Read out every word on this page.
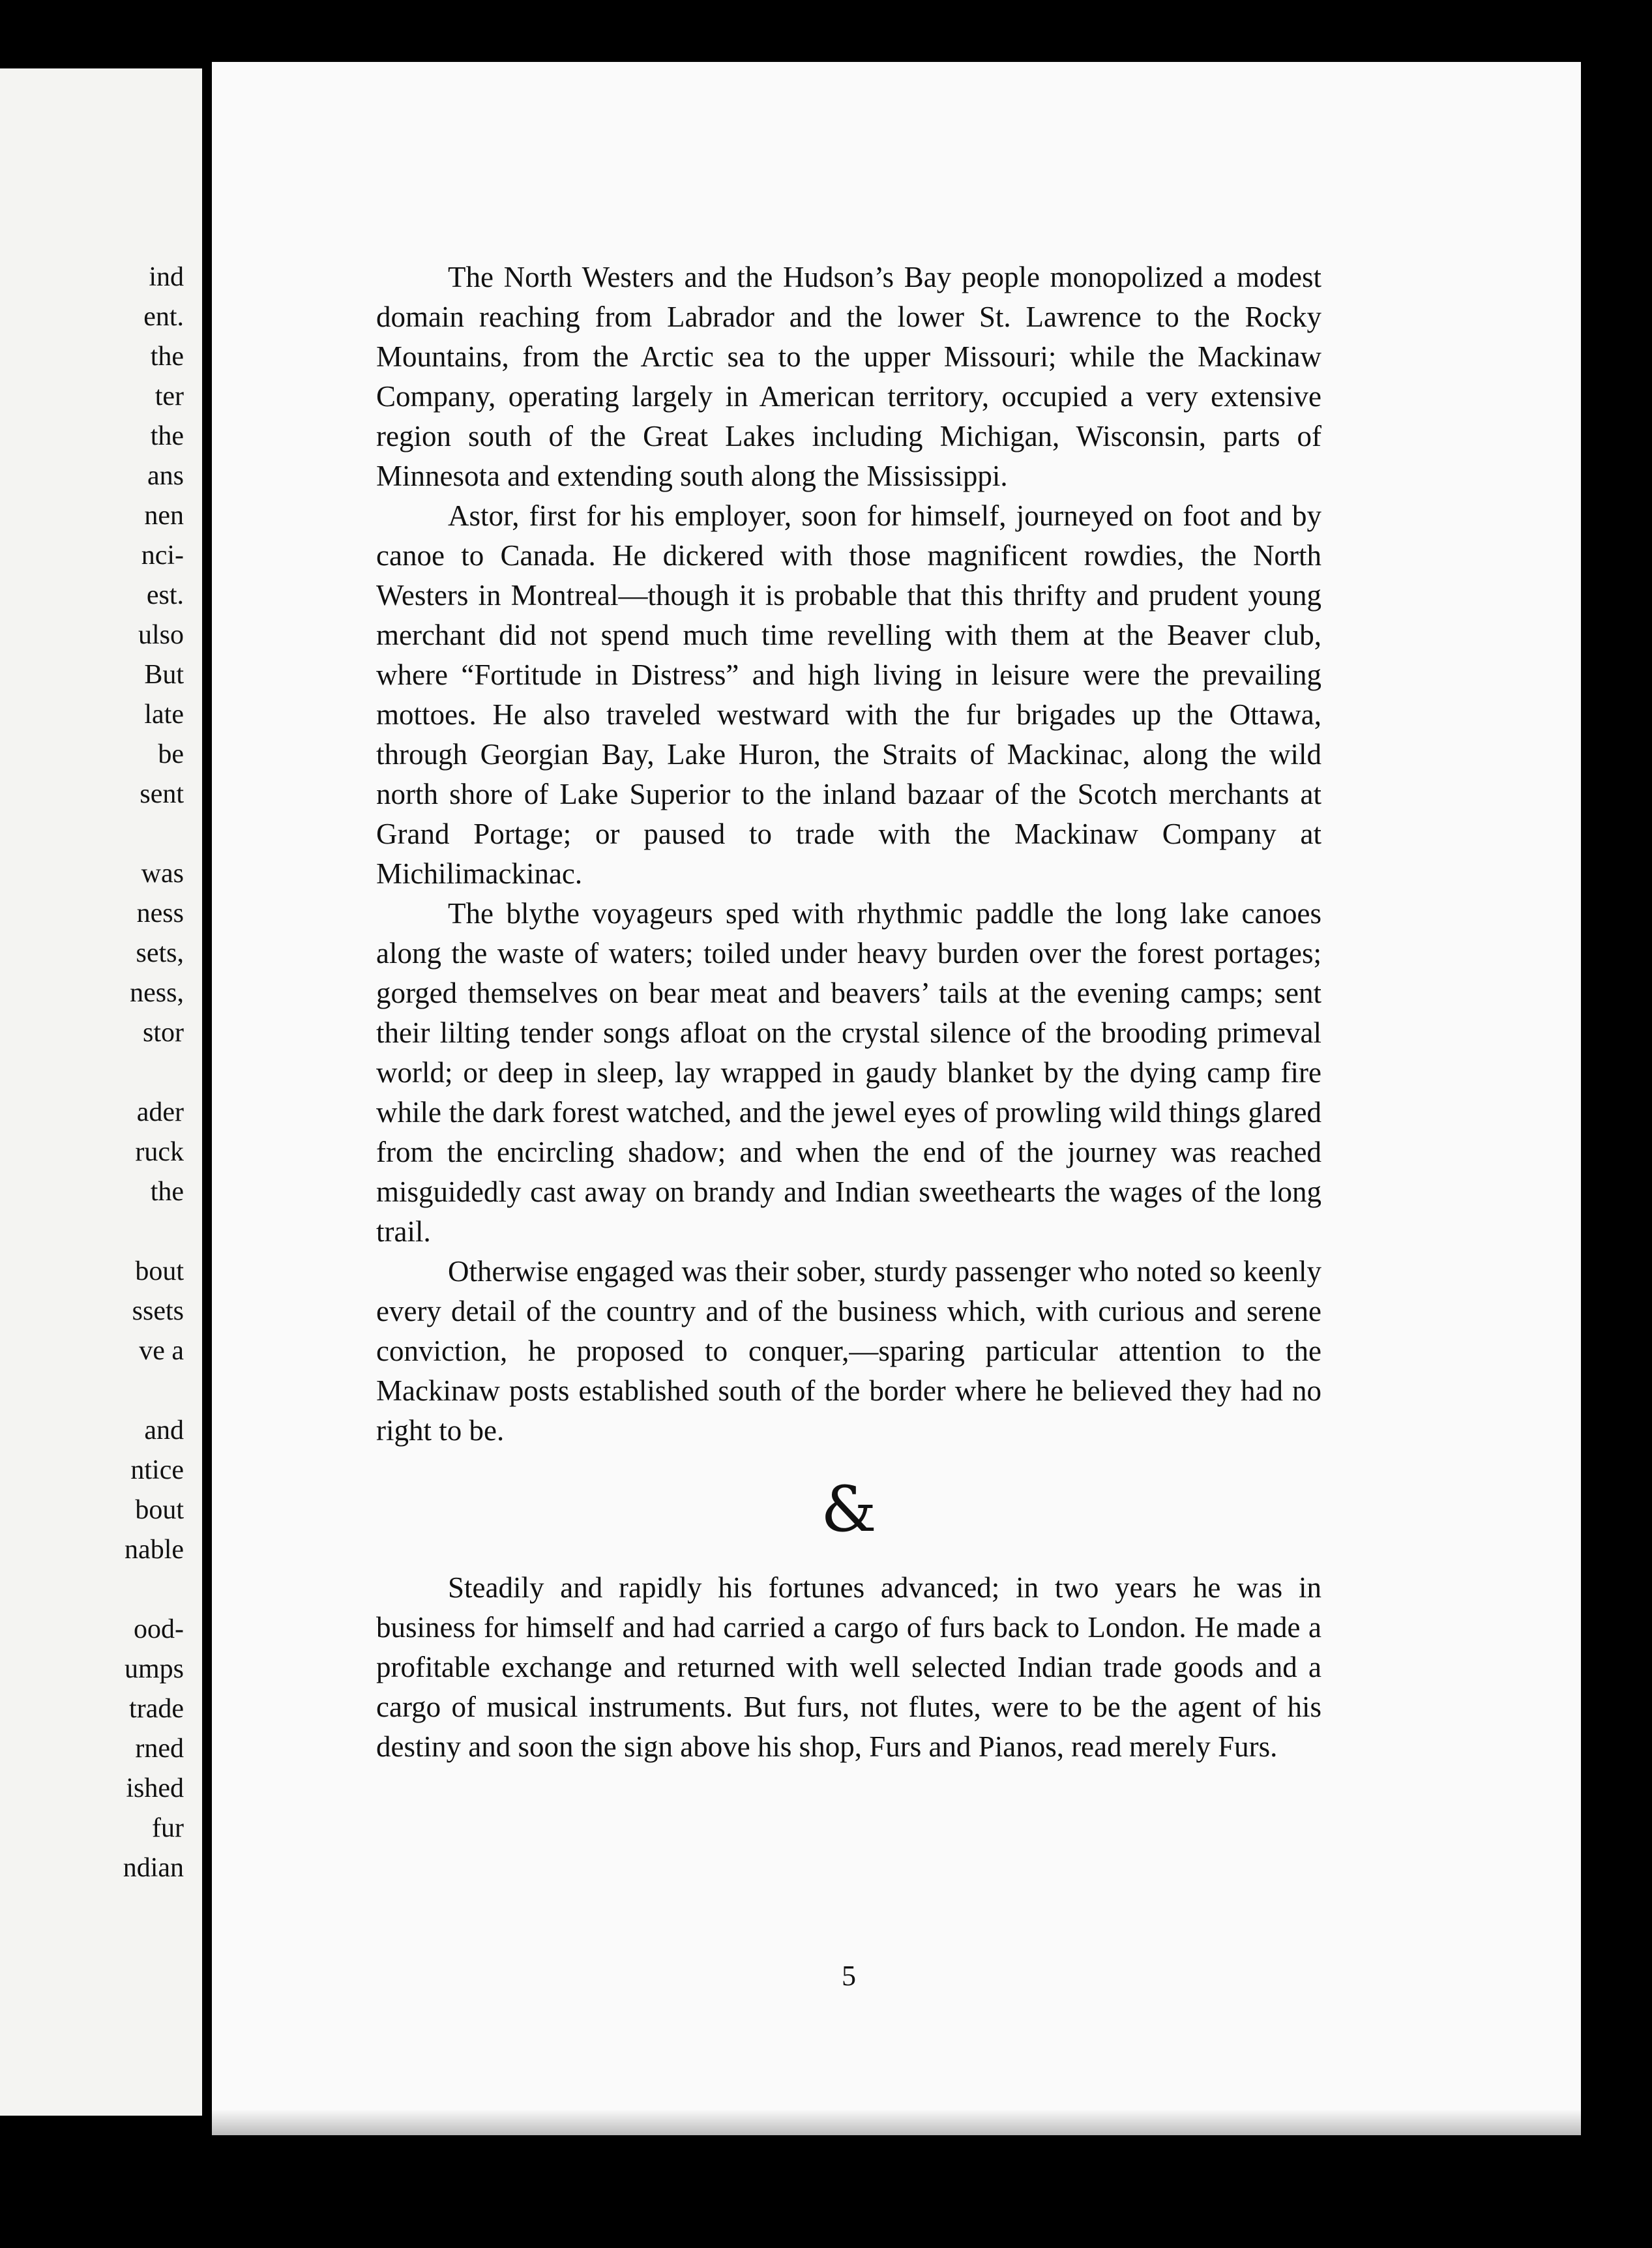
ind
ent.
the
ter
the
ans
nen
nci-
est.
ulso
But
late
be
sent
was
ness
sets,
ness,
stor
ader
ruck
the
bout
ssets
ve a
and
ntice
bout
nable
ood-
umps
trade
rned
ished
fur
ndian

The North Westers and the Hudson’s Bay people monopolized a modest domain reaching from Labrador and the lower St. Lawrence to the Rocky Mountains, from the Arctic sea to the upper Missouri; while the Mackinaw Company, operating largely in American territory, occupied a very extensive region south of the Great Lakes including Michigan, Wisconsin, parts of Minnesota and extending south along the Mississippi.

Astor, first for his employer, soon for himself, journeyed on foot and by canoe to Canada. He dickered with those magnificent rowdies, the North Westers in Montreal—though it is probable that this thrifty and prudent young merchant did not spend much time revelling with them at the Beaver club, where “Fortitude in Distress” and high living in leisure were the prevailing mottoes. He also traveled westward with the fur brigades up the Ottawa, through Georgian Bay, Lake Huron, the Straits of Mackinac, along the wild north shore of Lake Superior to the inland bazaar of the Scotch merchants at Grand Portage; or paused to trade with the Mackinaw Company at Michilimackinac.

The blythe voyageurs sped with rhythmic paddle the long lake canoes along the waste of waters; toiled under heavy burden over the forest portages; gorged themselves on bear meat and beavers’ tails at the evening camps; sent their lilting tender songs afloat on the crystal silence of the brooding primeval world; or deep in sleep, lay wrapped in gaudy blanket by the dying camp fire while the dark forest watched, and the jewel eyes of prowling wild things glared from the encircling shadow; and when the end of the journey was reached misguidedly cast away on brandy and Indian sweethearts the wages of the long trail.

Otherwise engaged was their sober, sturdy passenger who noted so keenly every detail of the country and of the business which, with curious and serene conviction, he proposed to conquer,—sparing particular attention to the Mackinaw posts established south of the border where he believed they had no right to be.

&

Steadily and rapidly his fortunes advanced; in two years he was in business for himself and had carried a cargo of furs back to London. He made a profitable exchange and returned with well selected Indian trade goods and a cargo of musical instruments. But furs, not flutes, were to be the agent of his destiny and soon the sign above his shop, Furs and Pianos, read merely Furs.

5
